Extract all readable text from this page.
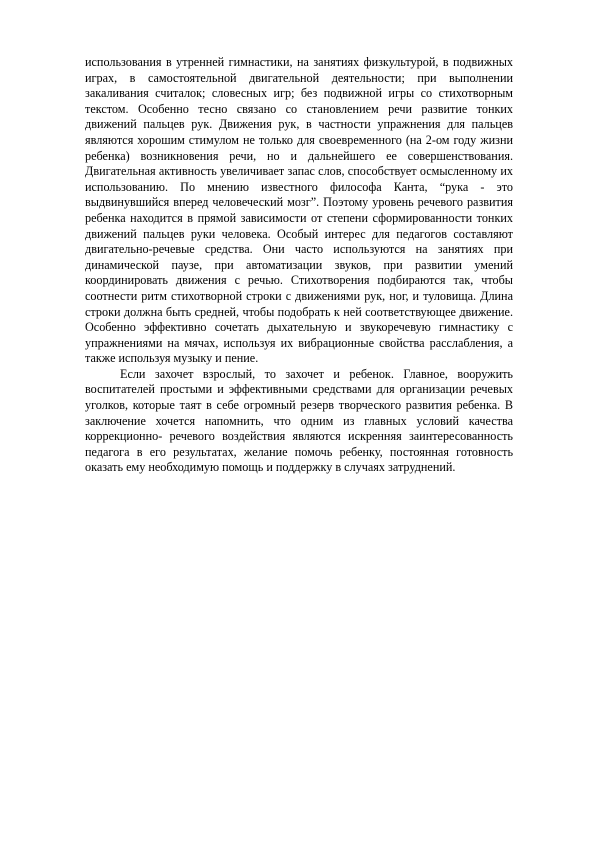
использования в утренней гимнастики, на занятиях физкультурой, в подвижных играх, в самостоятельной двигательной деятельности; при выполнении закаливания считалок; словесных игр; без подвижной игры со стихотворным текстом. Особенно тесно связано со становлением речи развитие тонких движений пальцев рук. Движения рук, в частности упражнения для пальцев являются хорошим стимулом не только для своевременного (на 2-ом году жизни ребенка) возникновения речи, но и дальнейшего ее совершенствования. Двигательная активность увеличивает запас слов, способствует осмысленному их использованию. По мнению известного философа Канта, “рука - это выдвинувшийся вперед человеческий мозг”. Поэтому уровень речевого развития ребенка находится в прямой зависимости от степени сформированности тонких движений пальцев руки человека. Особый интерес для педагогов составляют двигательно-речевые средства. Они часто используются на занятиях при динамической паузе, при автоматизации звуков, при развитии умений координировать движения с речью. Стихотворения подбираются так, чтобы соотнести ритм стихотворной строки с движениями рук, ног, и туловища. Длина строки должна быть средней, чтобы подобрать к ней соответствующее движение. Особенно эффективно сочетать дыхательную и звукоречевую гимнастику с упражнениями на мячах, используя их вибрационные свойства расслабления, а также используя музыку и пение.

Если захочет взрослый, то захочет и ребенок. Главное, вооружить воспитателей простыми и эффективными средствами для организации речевых уголков, которые таят в себе огромный резерв творческого развития ребенка. В заключение хочется напомнить, что одним из главных условий качества коррекционно- речевого воздействия являются искренняя заинтересованность педагога в его результатах, желание помочь ребенку, постоянная готовность оказать ему необходимую помощь и поддержку в случаях затруднений.
